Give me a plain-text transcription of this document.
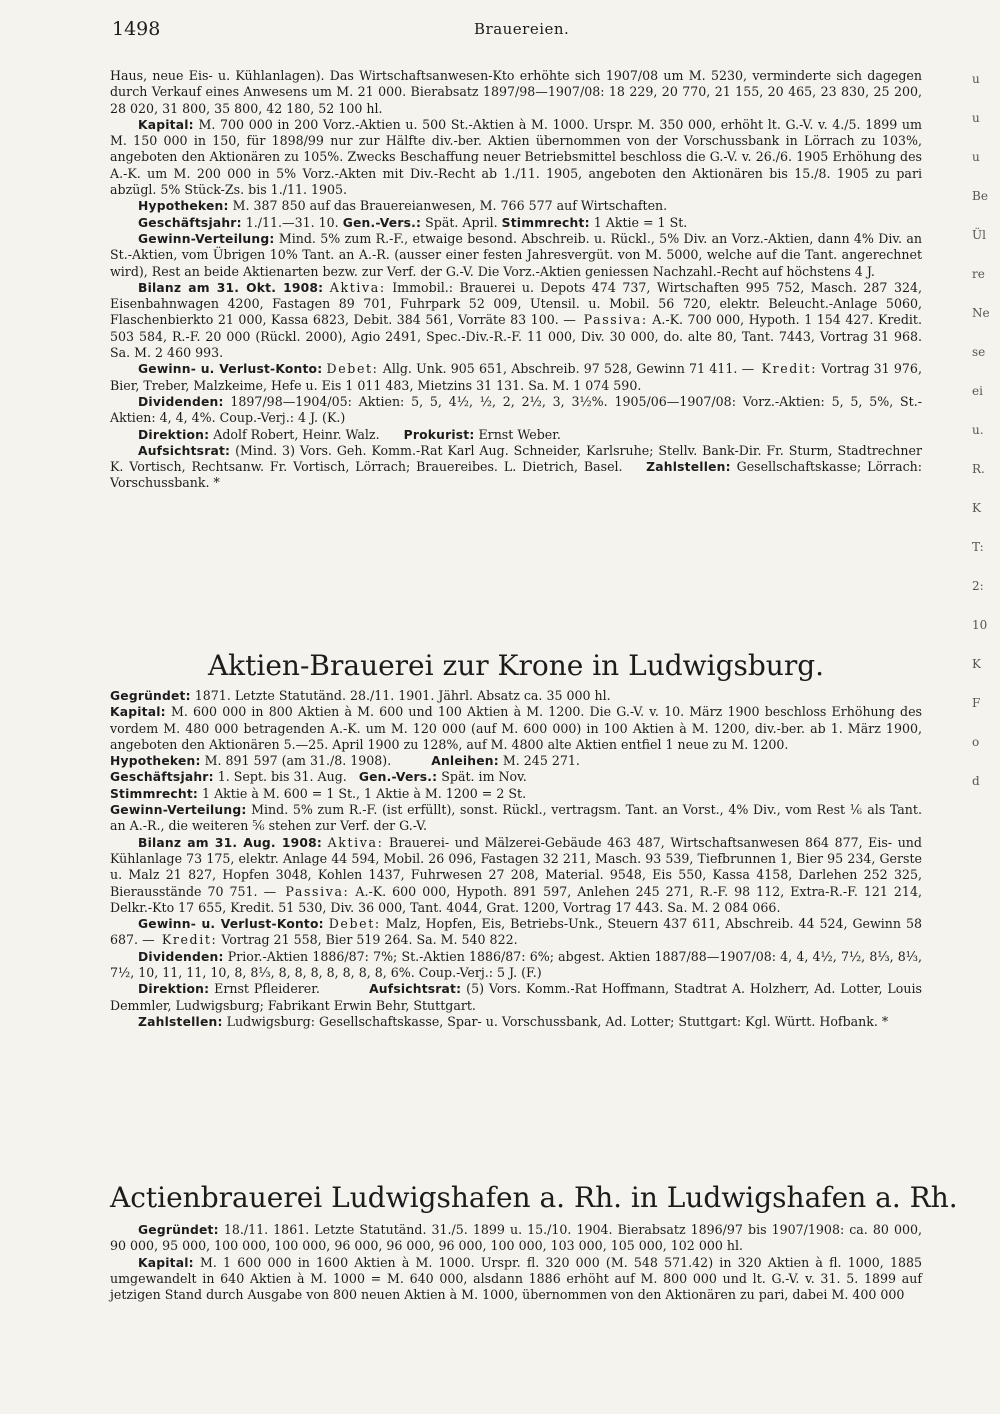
1498	Brauereien.

Haus, neue Eis- u. Kühlanlagen). Das Wirtschaftsanwesen-Kto erhöhte sich 1907/08 um M. 5230, verminderte sich dagegen durch Verkauf eines Anwesens um M. 21 000. Bierabsatz 1897/98—1907/08: 18 229, 20 770, 21 155, 20 465, 23 830, 25 200, 28 020, 31 800, 35 800, 42 180, 52 100 hl.

Kapital: M. 700 000 in 200 Vorz.-Aktien u. 500 St.-Aktien à M. 1000. Urspr. M. 350 000, erhöht lt. G.-V. v. 4./5. 1899 um M. 150 000 in 150, für 1898/99 nur zur Hälfte div.-ber. Aktien übernommen von der Vorschussbank in Lörrach zu 103%, angeboten den Aktionären zu 105%. Zwecks Beschaffung neuer Betriebsmittel beschloss die G.-V. v. 26./6. 1905 Erhöhung des A.-K. um M. 200 000 in 5% Vorz.-Akten mit Div.-Recht ab 1./11. 1905, angeboten den Aktionären bis 15./8. 1905 zu pari abzügl. 5% Stück-Zs. bis 1./11. 1905.

Hypotheken: M. 387 850 auf das Brauereianwesen, M. 766 577 auf Wirtschaften.

Geschäftsjahr: 1./11.—31. 10. Gen.-Vers.: Spät. April. Stimmrecht: 1 Aktie = 1 St.

Gewinn-Verteilung: Mind. 5% zum R.-F., etwaige besond. Abschreib. u. Rückl., 5% Div. an Vorz.-Aktien, dann 4% Div. an St.-Aktien, vom Übrigen 10% Tant. an A.-R. (ausser einer festen Jahresvergüt. von M. 5000, welche auf die Tant. angerechnet wird), Rest an beide Aktienarten bezw. zur Verf. der G.-V. Die Vorz.-Aktien geniessen Nachzahl.-Recht auf höchstens 4 J.

Bilanz am 31. Okt. 1908: Aktiva: Immobil.: Brauerei u. Depots 474 737, Wirtschaften 995 752, Masch. 287 324, Eisenbahnwagen 4200, Fastagen 89 701, Fuhrpark 52 009, Utensil. u. Mobil. 56 720, elektr. Beleucht.-Anlage 5060, Flaschenbierkto 21 000, Kassa 6823, Debit. 384 561, Vorräte 83 100. — Passiva: A.-K. 700 000, Hypoth. 1 154 427. Kredit. 503 584, R.-F. 20 000 (Rückl. 2000), Agio 2491, Spec.-Div.-R.-F. 11 000, Div. 30 000, do. alte 80, Tant. 7443, Vortrag 31 968. Sa. M. 2 460 993.

Gewinn- u. Verlust-Konto: Debet: Allg. Unk. 905 651, Abschreib. 97 528, Gewinn 71 411. — Kredit: Vortrag 31 976, Bier, Treber, Malzkeime, Hefe u. Eis 1 011 483, Mietzins 31 131. Sa. M. 1 074 590.

Dividenden: 1897/98—1904/05: Aktien: 5, 5, 4½, ½, 2, 2½, 3, 3½%. 1905/06—1907/08: Vorz.-Aktien: 5, 5, 5%, St.-Aktien: 4, 4, 4%. Coup.-Verj.: 4 J. (K.)

Direktion: Adolf Robert, Heinr. Walz. Prokurist: Ernst Weber.

Aufsichtsrat: (Mind. 3) Vors. Geh. Komm.-Rat Karl Aug. Schneider, Karlsruhe; Stellv. Bank-Dir. Fr. Sturm, Stadtrechner K. Vortisch, Rechtsanw. Fr. Vortisch, Lörrach; Brauereibes. L. Dietrich, Basel. Zahlstellen: Gesellschaftskasse; Lörrach: Vorschussbank. *

Aktien-Brauerei zur Krone in Ludwigsburg.

Gegründet: 1871. Letzte Statutänd. 28./11. 1901. Jährl. Absatz ca. 35 000 hl.

Kapital: M. 600 000 in 800 Aktien à M. 600 und 100 Aktien à M. 1200. Die G.-V. v. 10. März 1900 beschloss Erhöhung des vordem M. 480 000 betragenden A.-K. um M. 120 000 (auf M. 600 000) in 100 Aktien à M. 1200, div.-ber. ab 1. März 1900, angeboten den Aktionären 5.—25. April 1900 zu 128%, auf M. 4800 alte Aktien entfiel 1 neue zu M. 1200.

Hypotheken: M. 891 597 (am 31./8. 1908).	Anleihen: M. 245 271.

Geschäftsjahr: 1. Sept. bis 31. Aug. Gen.-Vers.: Spät. im Nov.

Stimmrecht: 1 Aktie à M. 600 = 1 St., 1 Aktie à M. 1200 = 2 St.

Gewinn-Verteilung: Mind. 5% zum R.-F. (ist erfüllt), sonst. Rückl., vertragsm. Tant. an Vorst., 4% Div., vom Rest ⅙ als Tant. an A.-R., die weiteren ⅚ stehen zur Verf. der G.-V.

Bilanz am 31. Aug. 1908: Aktiva: Brauerei- und Mälzerei-Gebäude 463 487, Wirtschaftsanwesen 864 877, Eis- und Kühlanlage 73 175, elektr. Anlage 44 594, Mobil. 26 096, Fastagen 32 211, Masch. 93 539, Tiefbrunnen 1, Bier 95 234, Gerste u. Malz 21 827, Hopfen 3048, Kohlen 1437, Fuhrwesen 27 208, Material. 9548, Eis 550, Kassa 4158, Darlehen 252 325, Bierausstände 70 751. — Passiva: A.-K. 600 000, Hypoth. 891 597, Anlehen 245 271, R.-F. 98 112, Extra-R.-F. 121 214, Delkr.-Kto 17 655, Kredit. 51 530, Div. 36 000, Tant. 4044, Grat. 1200, Vortrag 17 443. Sa. M. 2 084 066.

Gewinn- u. Verlust-Konto: Debet: Malz, Hopfen, Eis, Betriebs-Unk., Steuern 437 611, Abschreib. 44 524, Gewinn 58 687. — Kredit: Vortrag 21 558, Bier 519 264. Sa. M. 540 822.

Dividenden: Prior.-Aktien 1886/87: 7%; St.-Aktien 1886/87: 6%; abgest. Aktien 1887/88—1907/08: 4, 4, 4½, 7½, 8⅓, 8⅓, 7½, 10, 11, 11, 10, 8, 8⅓, 8, 8, 8, 8, 8, 8, 8, 6%. Coup.-Verj.: 5 J. (F.)

Direktion: Ernst Pfleiderer.	Aufsichtsrat: (5) Vors. Komm.-Rat Hoffmann, Stadtrat A. Holzherr, Ad. Lotter, Louis Demmler, Ludwigsburg; Fabrikant Erwin Behr, Stuttgart.

Zahlstellen: Ludwigsburg: Gesellschaftskasse, Spar- u. Vorschussbank, Ad. Lotter; Stuttgart: Kgl. Württ. Hofbank. *

Actienbrauerei Ludwigshafen a. Rh. in Ludwigshafen a. Rh.

Gegründet: 18./11. 1861. Letzte Statutänd. 31./5. 1899 u. 15./10. 1904. Bierabsatz 1896/97 bis 1907/1908: ca. 80 000, 90 000, 95 000, 100 000, 100 000, 96 000, 96 000, 96 000, 100 000, 103 000, 105 000, 102 000 hl.

Kapital: M. 1 600 000 in 1600 Aktien à M. 1000. Urspr. fl. 320 000 (M. 548 571.42) in 320 Aktien à fl. 1000, 1885 umgewandelt in 640 Aktien à M. 1000 = M. 640 000, alsdann 1886 erhöht auf M. 800 000 und lt. G.-V. v. 31. 5. 1899 auf jetzigen Stand durch Ausgabe von 800 neuen Aktien à M. 1000, übernommen von den Aktionären zu pari, dabei M. 400 000

u
u
u
Be
Ül
re
Ne
se
ei
u.
R.
K
T:
2:
10
K
F
o
d
